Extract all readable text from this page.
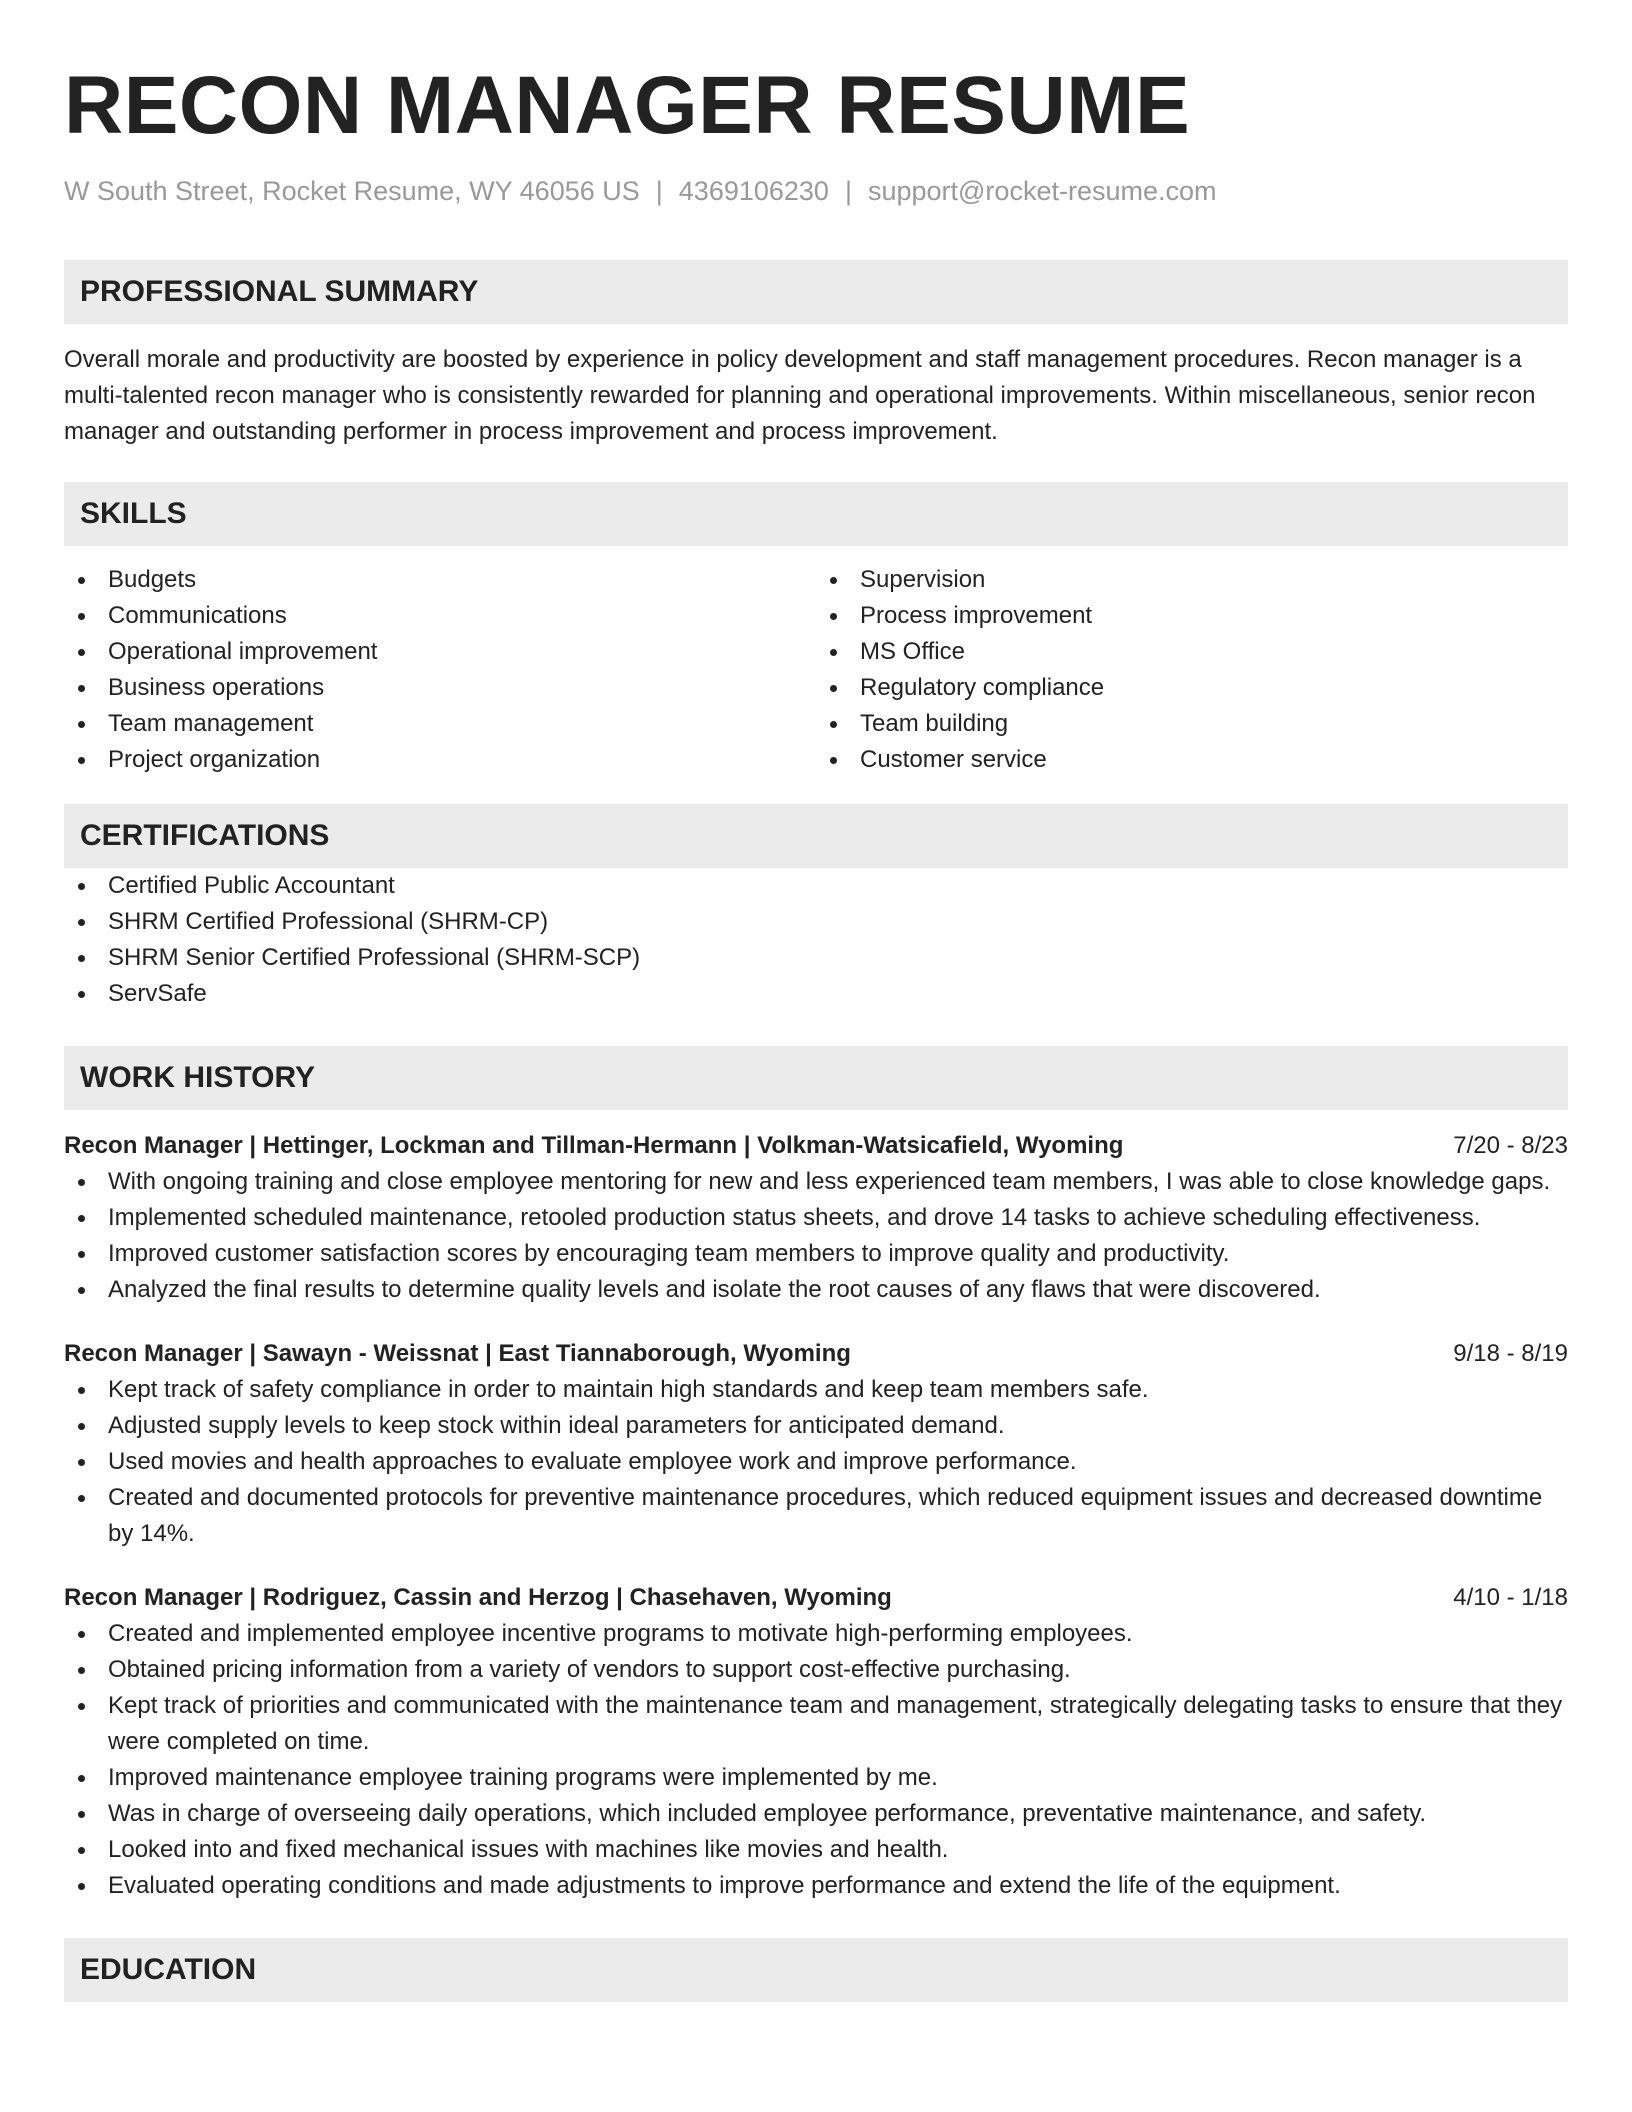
RECON MANAGER RESUME
W South Street, Rocket Resume, WY 46056 US | 4369106230 | support@rocket-resume.com
PROFESSIONAL SUMMARY

Overall morale and productivity are boosted by experience in policy development and staff management procedures. Recon manager is a multi-talented recon manager who is consistently rewarded for planning and operational improvements. Within miscellaneous, senior recon manager and outstanding performer in process improvement and process improvement.

SKILLS
Budgets
Communications
Operational improvement
Business operations
Team management
Project organization
Supervision
Process improvement
MS Office
Regulatory compliance
Team building
Customer service
CERTIFICATIONS
Certified Public Accountant
SHRM Certified Professional (SHRM-CP)
SHRM Senior Certified Professional (SHRM-SCP)
ServSafe
WORK HISTORY
Recon Manager | Hettinger, Lockman and Tillman-Hermann | Volkman-Watsicafield, Wyoming	7/20 - 8/23
With ongoing training and close employee mentoring for new and less experienced team members, I was able to close knowledge gaps.
Implemented scheduled maintenance, retooled production status sheets, and drove 14 tasks to achieve scheduling effectiveness.
Improved customer satisfaction scores by encouraging team members to improve quality and productivity.
Analyzed the final results to determine quality levels and isolate the root causes of any flaws that were discovered.
Recon Manager | Sawayn - Weissnat | East Tiannaborough, Wyoming	9/18 - 8/19
Kept track of safety compliance in order to maintain high standards and keep team members safe.
Adjusted supply levels to keep stock within ideal parameters for anticipated demand.
Used movies and health approaches to evaluate employee work and improve performance.
Created and documented protocols for preventive maintenance procedures, which reduced equipment issues and decreased downtime by 14%.
Recon Manager | Rodriguez, Cassin and Herzog | Chasehaven, Wyoming	4/10 - 1/18
Created and implemented employee incentive programs to motivate high-performing employees.
Obtained pricing information from a variety of vendors to support cost-effective purchasing.
Kept track of priorities and communicated with the maintenance team and management, strategically delegating tasks to ensure that they were completed on time.
Improved maintenance employee training programs were implemented by me.
Was in charge of overseeing daily operations, which included employee performance, preventative maintenance, and safety.
Looked into and fixed mechanical issues with machines like movies and health.
Evaluated operating conditions and made adjustments to improve performance and extend the life of the equipment.
EDUCATION
